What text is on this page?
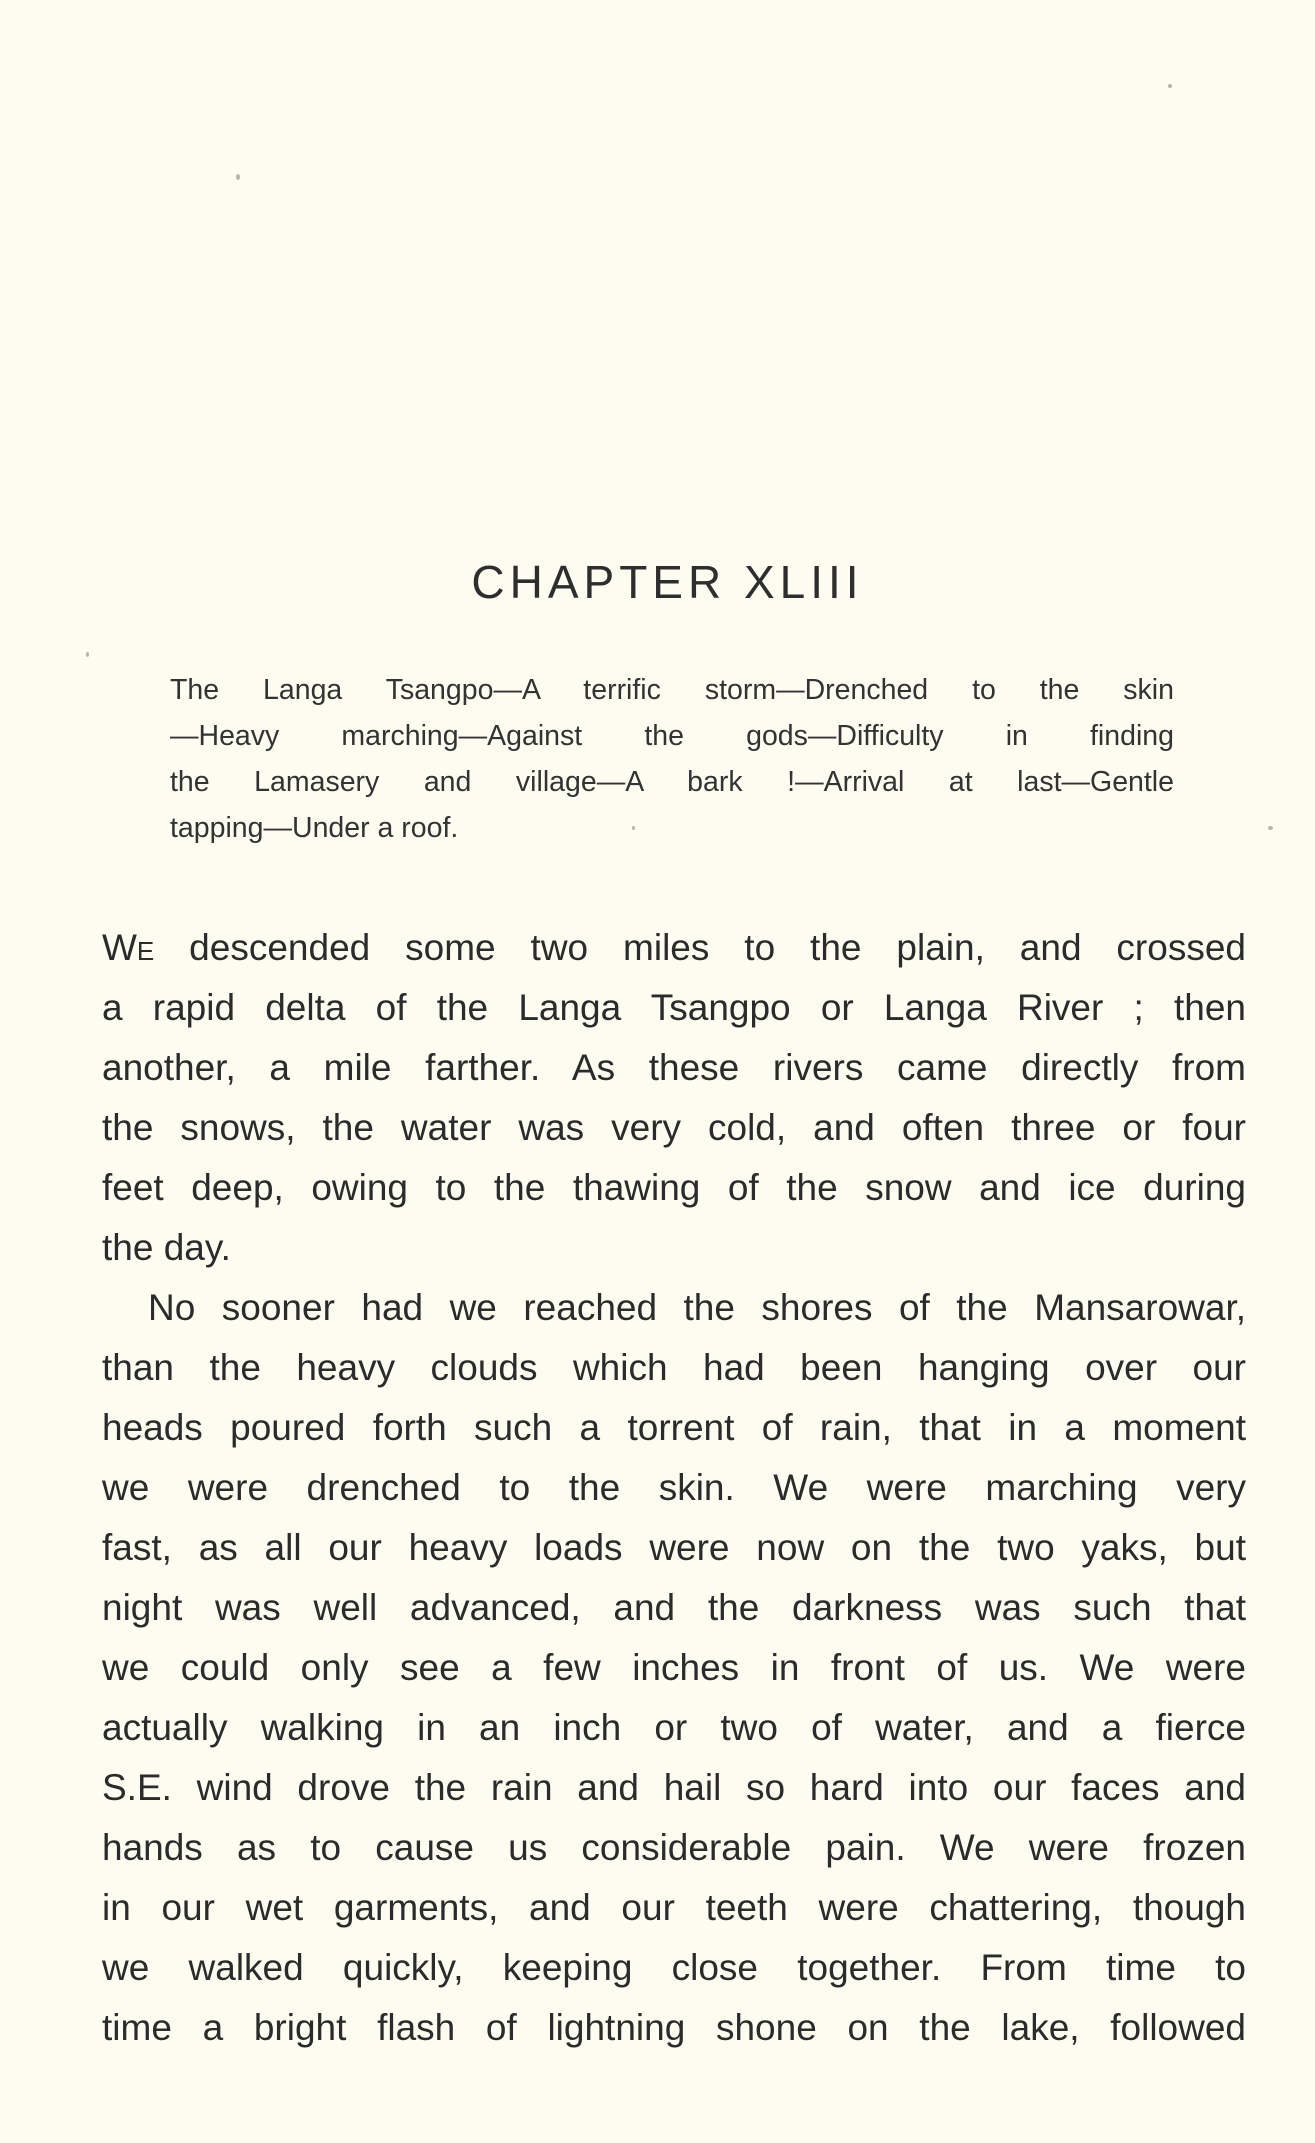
CHAPTER XLIII
The Langa Tsangpo—A terrific storm—Drenched to the skin
—Heavy marching—Against the gods—Difficulty in finding
the Lamasery and village—A bark !—Arrival at last—Gentle
tapping—Under a roof.
We descended some two miles to the plain, and crossed
a rapid delta of the Langa Tsangpo or Langa River ; then
another, a mile farther. As these rivers came directly from
the snows, the water was very cold, and often three or four
feet deep, owing to the thawing of the snow and ice during
the day.
No sooner had we reached the shores of the Mansarowar,
than the heavy clouds which had been hanging over our
heads poured forth such a torrent of rain, that in a moment
we were drenched to the skin. We were marching very
fast, as all our heavy loads were now on the two yaks, but
night was well advanced, and the darkness was such that
we could only see a few inches in front of us. We were
actually walking in an inch or two of water, and a fierce
S.E. wind drove the rain and hail so hard into our faces and
hands as to cause us considerable pain. We were frozen
in our wet garments, and our teeth were chattering, though
we walked quickly, keeping close together. From time to
time a bright flash of lightning shone on the lake, followed
